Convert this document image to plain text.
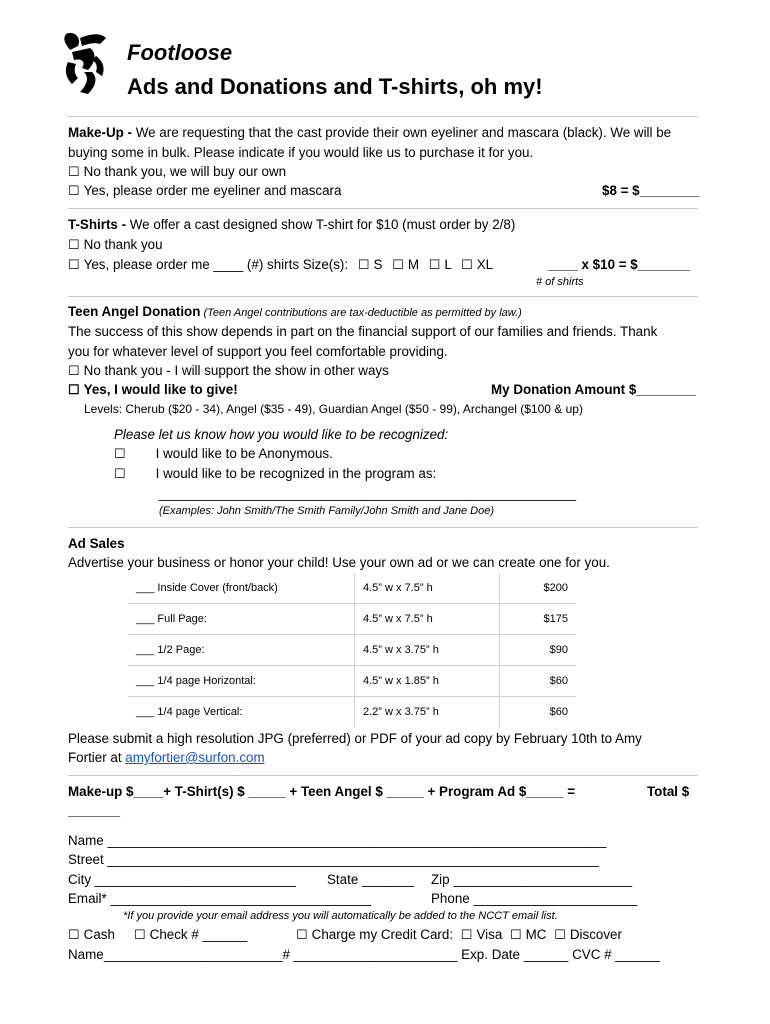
Footloose
Ads and Donations and T-shirts, oh my!
Make-Up - We are requesting that the cast provide their own eyeliner and mascara (black). We will be
buying some in bulk. Please indicate if you would like us to purchase it for you.
☐ No thank you, we will buy our own
☐ Yes, please order me eyeliner and mascara	$8 = $________
T-Shirts - We offer a cast designed show T-shirt for $10 (must order by 2/8)
☐ No thank you
☐ Yes, please order me ____ (#) shirts Size(s): ☐ S ☐ M ☐ L ☐ XL	____ x $10 = $_______
# of shirts
Teen Angel Donation (Teen Angel contributions are tax-deductible as permitted by law.)
The success of this show depends in part on the financial support of our families and friends. Thank
you for whatever level of support you feel comfortable providing.
☐ No thank you - I will support the show in other ways
☐ Yes, I would like to give!	My Donation Amount $________
Levels: Cherub ($20 - 34), Angel ($35 - 49), Guardian Angel ($50 - 99), Archangel ($100 & up)
Please let us know how you would like to be recognized:
☐ I would like to be Anonymous.
☐ I would like to be recognized in the program as:
________________________________________________________
(Examples: John Smith/The Smith Family/John Smith and Jane Doe)
Ad Sales
Advertise your business or honor your child! Use your own ad or we can create one for you.
___ Inside Cover (front/back)	4.5” w x 7.5” h	$200
___ Full Page:	4.5” w x 7.5” h	$175
___ 1/2 Page:	4.5” w x 3.75” h	$90
___ 1/4 page Horizontal:	4.5” w x 1.85” h	$60
___ 1/4 page Vertical:	2.2” w x 3.75” h	$60
Please submit a high resolution JPG (preferred) or PDF of your ad copy by February 10th to Amy
Fortier at amyfortier@surfon.com
Make-up $____+ T-Shirt(s) $ _____ + Teen Angel $ _____ + Program Ad $_____ =	Total $
_______
Name ___________________________________________________________________
Street __________________________________________________________________
City ___________________________ State _______ Zip ________________________
Email* ___________________________________	Phone ______________________
*If you provide your email address you will automatically be added to the NCCT email list.
☐ Cash ☐ Check # ______	☐ Charge my Credit Card: ☐ Visa ☐ MC ☐ Discover
Name________________________# ______________________ Exp. Date ______ CVC # ______
